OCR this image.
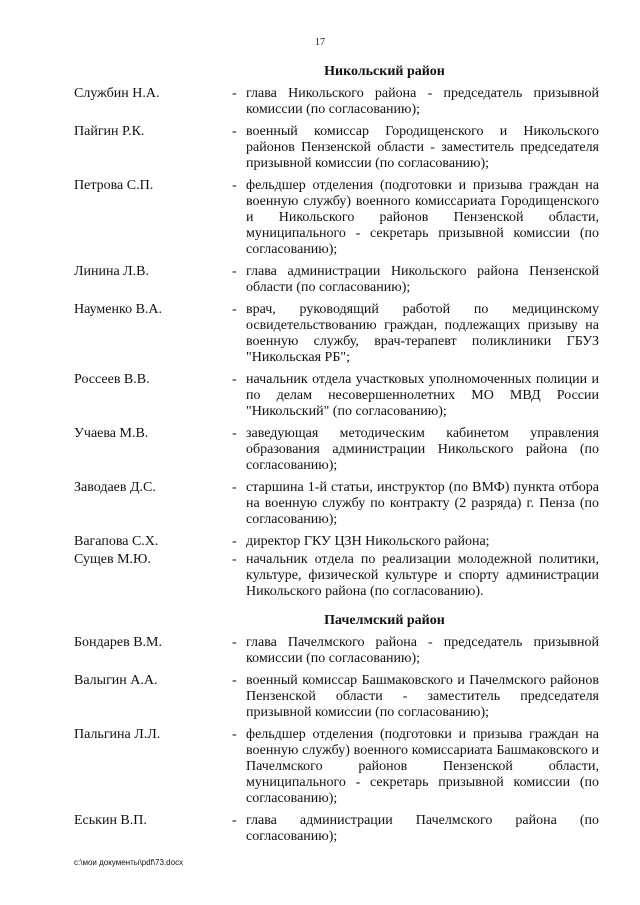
17
Никольский район
Службин Н.А.	- глава Никольского района - председатель призывной комиссии (по согласованию);
Пайгин Р.К.	- военный комиссар Городищенского и Никольского районов Пензенской области - заместитель председателя призывной комиссии (по согласованию);
Петрова С.П.	- фельдшер отделения (подготовки и призыва граждан на военную службу) военного комиссариата Городищенского и Никольского районов Пензенской области, муниципального - секретарь призывной комиссии (по согласованию);
Линина Л.В.	- глава администрации Никольского района Пензенской области (по согласованию);
Науменко В.А.	- врач, руководящий работой по медицинскому освидетельствованию граждан, подлежащих призыву на военную службу, врач-терапевт поликлиники ГБУЗ "Никольская РБ";
Россеев В.В.	- начальник отдела участковых уполномоченных полиции и по делам несовершеннолетних МО МВД России "Никольский" (по согласованию);
Учаева М.В.	- заведующая методическим кабинетом управления образования администрации Никольского района (по согласованию);
Заводаев Д.С.	- старшина 1-й статьи, инструктор (по ВМФ) пункта отбора на военную службу по контракту (2 разряда) г. Пенза (по согласованию);
Вагапова С.Х.	- директор ГКУ ЦЗН Никольского района;
Сущев М.Ю.	- начальник отдела по реализации молодежной политики, культуре, физической культуре и спорту администрации Никольского района (по согласованию).
Пачелмский район
Бондарев В.М.	- глава Пачелмского района - председатель призывной комиссии (по согласованию);
Валыгин А.А.	- военный комиссар Башмаковского и Пачелмского районов Пензенской области - заместитель председателя призывной комиссии (по согласованию);
Пальгина Л.Л.	- фельдшер отделения (подготовки и призыва граждан на военную службу) военного комиссариата Башмаковского и Пачелмского районов Пензенской области, муниципального - секретарь призывной комиссии (по согласованию);
Еськин В.П.	- глава администрации Пачелмского района (по согласованию);
c:\мои документы\pdf\73.docx
